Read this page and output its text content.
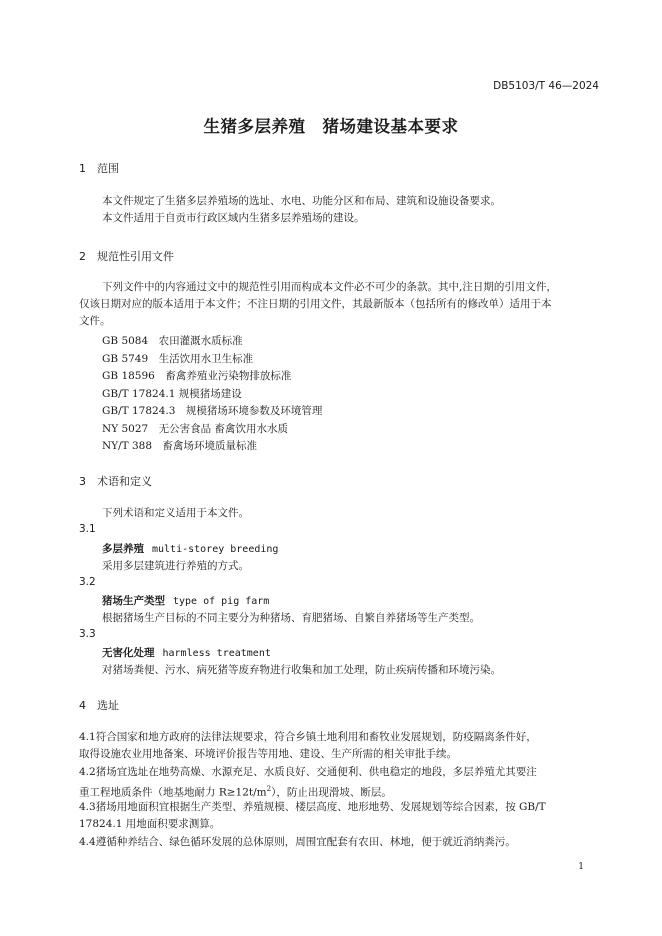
DB5103/T 46—2024
生猪多层养殖　猪场建设基本要求
1 范围
本文件规定了生猪多层养殖场的选址、水电、功能分区和布局、建筑和设施设备要求。
本文件适用于自贡市行政区域内生猪多层养殖场的建设。
2 规范性引用文件
下列文件中的内容通过文中的规范性引用而构成本文件必不可少的条款。其中,注日期的引用文件，
仅该日期对应的版本适用于本文件；不注日期的引用文件，其最新版本（包括所有的修改单）适用于本
文件。
GB 5084　农田灌溉水质标准
GB 5749　生活饮用水卫生标准
GB 18596　畜禽养殖业污染物排放标准
GB/T 17824.1 规模猪场建设
GB/T 17824.3　规模猪场环境参数及环境管理
NY 5027　无公害食品 畜禽饮用水水质
NY/T 388　畜禽场环境质量标准
3 术语和定义
下列术语和定义适用于本文件。
3.1
多层养殖 multi-storey breeding
采用多层建筑进行养殖的方式。
3.2
猪场生产类型 type of pig farm
根据猪场生产目标的不同主要分为种猪场、育肥猪场、自繁自养猪场等生产类型。
3.3
无害化处理 harmless treatment
对猪场粪便、污水、病死猪等废弃物进行收集和加工处理，防止疾病传播和环境污染。
4 选址
4.1符合国家和地方政府的法律法规要求，符合乡镇土地利用和畜牧业发展规划，防疫隔离条件好，
取得设施农业用地备案、环境评价报告等用地、建设、生产所需的相关审批手续。
4.2猪场宜选址在地势高燥、水源充足、水质良好、交通便利、供电稳定的地段，多层养殖尤其要注
重工程地质条件（地基地耐力 $R\ge 12t/m^2$），防止出现滑坡、断层。
4.3猪场用地面积宜根据生产类型、养殖规模、楼层高度、地形地势、发展规划等综合因素，按 GB/T
17824.1 用地面积要求测算。
4.4遵循种养结合、绿色循环发展的总体原则，周围宜配套有农田、林地，便于就近消纳粪污。
1
